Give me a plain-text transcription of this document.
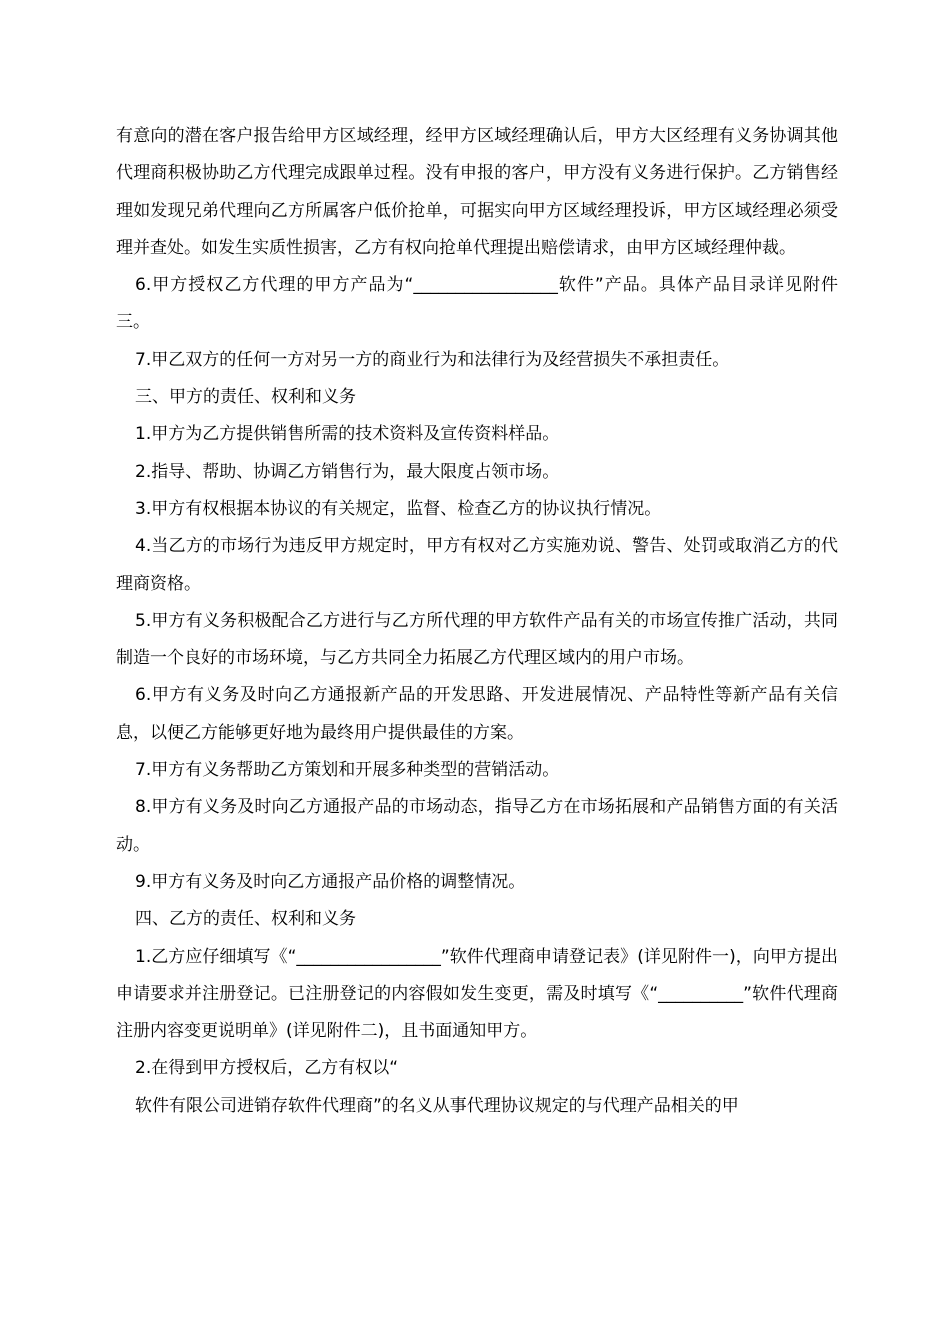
有意向的潜在客户报告给甲方区域经理，经甲方区域经理确认后，甲方大区经理有义务协调其他代理商积极协助乙方代理完成跟单过程。没有申报的客户，甲方没有义务进行保护。乙方销售经理如发现兄弟代理向乙方所属客户低价抢单，可据实向甲方区域经理投诉，甲方区域经理必须受理并查处。如发生实质性损害，乙方有权向抢单代理提出赔偿请求，由甲方区域经理仲裁。

6.甲方授权乙方代理的甲方产品为“_________________软件”产品。具体产品目录详见附件三。

7.甲乙双方的任何一方对另一方的商业行为和法律行为及经营损失不承担责任。

三、甲方的责任、权利和义务

1.甲方为乙方提供销售所需的技术资料及宣传资料样品。

2.指导、帮助、协调乙方销售行为，最大限度占领市场。

3.甲方有权根据本协议的有关规定，监督、检查乙方的协议执行情况。

4.当乙方的市场行为违反甲方规定时，甲方有权对乙方实施劝说、警告、处罚或取消乙方的代理商资格。

5.甲方有义务积极配合乙方进行与乙方所代理的甲方软件产品有关的市场宣传推广活动，共同制造一个良好的市场环境，与乙方共同全力拓展乙方代理区域内的用户市场。

6.甲方有义务及时向乙方通报新产品的开发思路、开发进展情况、产品特性等新产品有关信息，以便乙方能够更好地为最终用户提供最佳的方案。

7.甲方有义务帮助乙方策划和开展多种类型的营销活动。

8.甲方有义务及时向乙方通报产品的市场动态，指导乙方在市场拓展和产品销售方面的有关活动。

9.甲方有义务及时向乙方通报产品价格的调整情况。

四、乙方的责任、权利和义务

1.乙方应仔细填写《“_________________”软件代理商申请登记表》(详见附件一)，向甲方提出申请要求并注册登记。已注册登记的内容假如发生变更，需及时填写《“__________”软件代理商注册内容变更说明单》(详见附件二)，且书面通知甲方。

2.在得到甲方授权后，乙方有权以“

软件有限公司进销存软件代理商”的名义从事代理协议规定的与代理产品相关的甲
